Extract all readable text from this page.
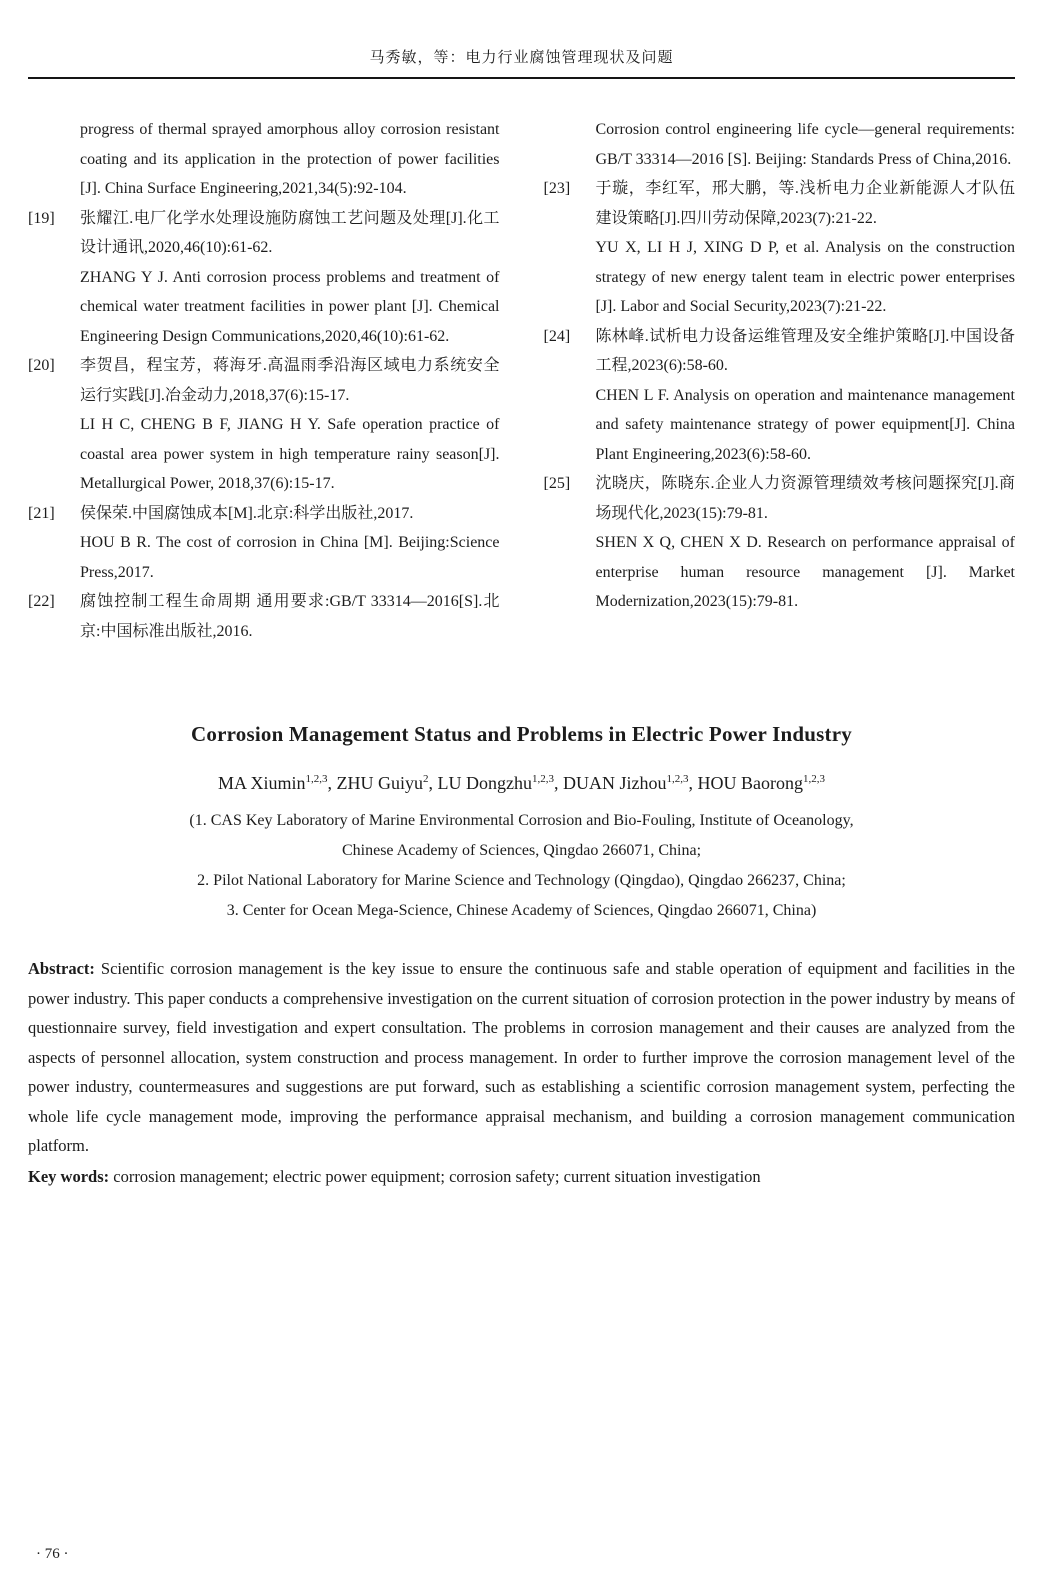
马秀敏，等：电力行业腐蚀管理现状及问题

progress of thermal sprayed amorphous alloy corrosion resistant coating and its application in the protection of power facilities [J]. China Surface Engineering,2021,34(5):92-104.

[19]	张耀江.电厂化学水处理设施防腐蚀工艺问题及处理[J].化工设计通讯,2020,46(10):61-62.

ZHANG Y J. Anti corrosion process problems and treatment of chemical water treatment facilities in power plant [J]. Chemical Engineering Design Communications,2020,46(10):61-62.

[20]	李贺昌，程宝芳，蒋海牙.高温雨季沿海区域电力系统安全运行实践[J].冶金动力,2018,37(6):15-17.

LI H C, CHENG B F, JIANG H Y. Safe operation practice of coastal area power system in high temperature rainy season[J]. Metallurgical Power, 2018,37(6):15-17.

[21]	侯保荣.中国腐蚀成本[M].北京:科学出版社,2017.

HOU B R. The cost of corrosion in China [M]. Beijing:Science Press,2017.

[22]	腐蚀控制工程生命周期 通用要求:GB/T 33314—2016[S].北京:中国标准出版社,2016.

Corrosion control engineering life cycle—general requirements: GB/T 33314—2016 [S]. Beijing: Standards Press of China,2016.

[23]	于璇，李红军，邢大鹏，等.浅析电力企业新能源人才队伍建设策略[J].四川劳动保障,2023(7):21-22.

YU X, LI H J, XING D P, et al. Analysis on the construction strategy of new energy talent team in electric power enterprises [J]. Labor and Social Security,2023(7):21-22.

[24]	陈林峰.试析电力设备运维管理及安全维护策略[J].中国设备工程,2023(6):58-60.

CHEN L F. Analysis on operation and maintenance management and safety maintenance strategy of power equipment[J]. China Plant Engineering,2023(6):58-60.

[25]	沈晓庆，陈晓东.企业人力资源管理绩效考核问题探究[J].商场现代化,2023(15):79-81.

SHEN X Q, CHEN X D. Research on performance appraisal of enterprise human resource management [J]. Market Modernization,2023(15):79-81.

Corrosion Management Status and Problems in Electric Power Industry
MA Xiumin$^{1,2,3}$, ZHU Guiyu$^2$, LU Dongzhu$^{1,2,3}$, DUAN Jizhou$^{1,2,3}$, HOU Baorong$^{1,2,3}$
(1. CAS Key Laboratory of Marine Environmental Corrosion and Bio-Fouling, Institute of Oceanology,
Chinese Academy of Sciences, Qingdao 266071, China;
2. Pilot National Laboratory for Marine Science and Technology (Qingdao), Qingdao 266237, China;
3. Center for Ocean Mega-Science, Chinese Academy of Sciences, Qingdao 266071, China)
Abstract: Scientific corrosion management is the key issue to ensure the continuous safe and stable operation of equipment and facilities in the power industry. This paper conducts a comprehensive investigation on the current situation of corrosion protection in the power industry by means of questionnaire survey, field investigation and expert consultation. The problems in corrosion management and their causes are analyzed from the aspects of personnel allocation, system construction and process management. In order to further improve the corrosion management level of the power industry, countermeasures and suggestions are put forward, such as establishing a scientific corrosion management system, perfecting the whole life cycle management mode, improving the performance appraisal mechanism, and building a corrosion management communication platform.
Key words: corrosion management; electric power equipment; corrosion safety; current situation investigation
· 76 ·
